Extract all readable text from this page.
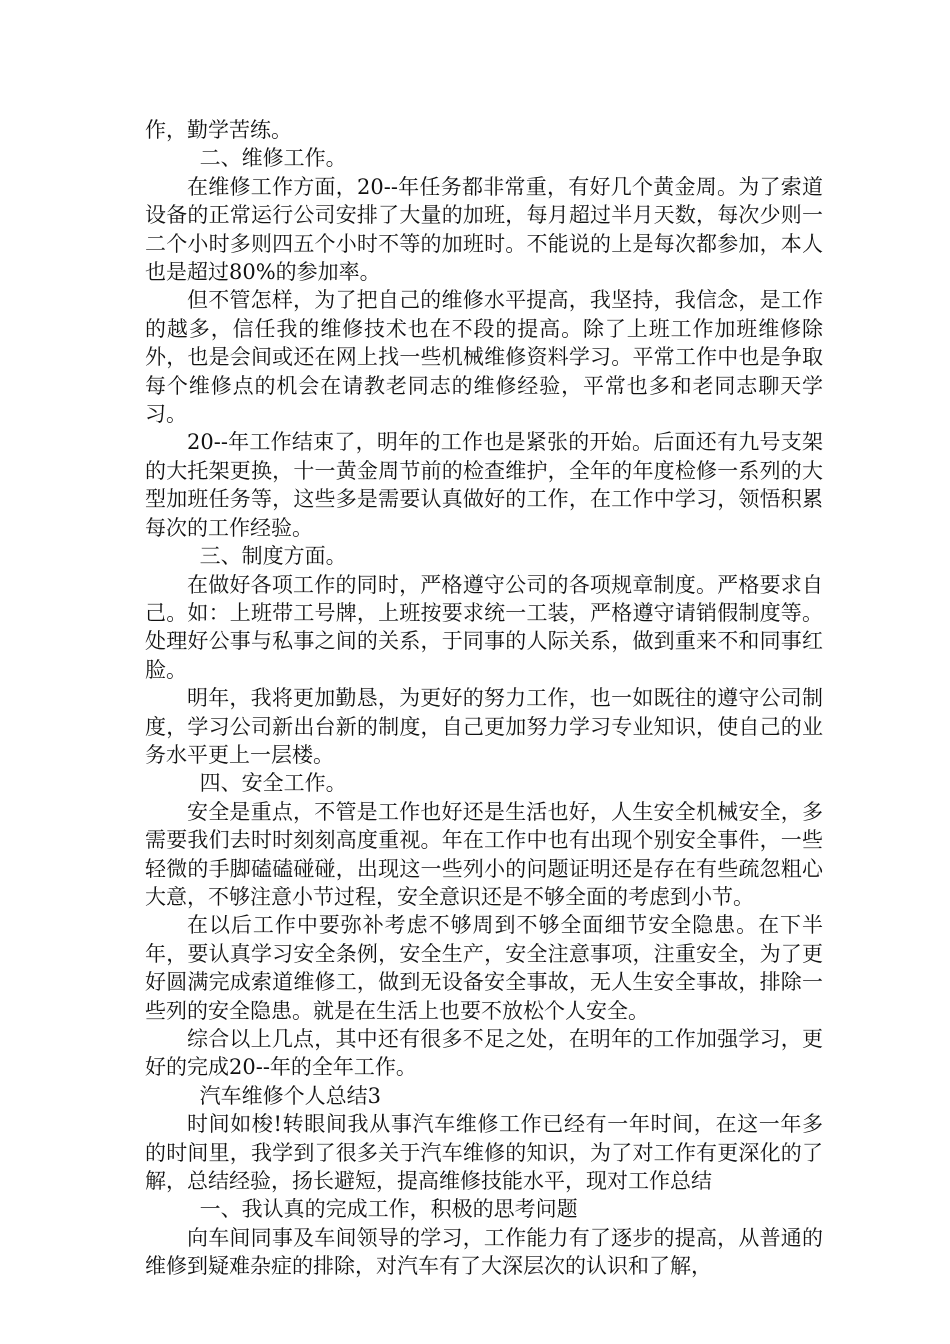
作，勤学苦练。

二、维修工作。

在维修工作方面，20--年任务都非常重，有好几个黄金周。为了索道设备的正常运行公司安排了大量的加班，每月超过半月天数，每次少则一二个小时多则四五个小时不等的加班时。不能说的上是每次都参加，本人也是超过80%的参加率。

但不管怎样，为了把自己的维修水平提高，我坚持，我信念，是工作的越多，信任我的维修技术也在不段的提高。除了上班工作加班维修除外，也是会间或还在网上找一些机械维修资料学习。平常工作中也是争取每个维修点的机会在请教老同志的维修经验，平常也多和老同志聊天学习。

20--年工作结束了，明年的工作也是紧张的开始。后面还有九号支架的大托架更换，十一黄金周节前的检查维护，全年的年度检修一系列的大型加班任务等，这些多是需要认真做好的工作，在工作中学习，领悟积累每次的工作经验。

三、制度方面。

在做好各项工作的同时，严格遵守公司的各项规章制度。严格要求自己。如：上班带工号牌，上班按要求统一工装，严格遵守请销假制度等。处理好公事与私事之间的关系，于同事的人际关系，做到重来不和同事红脸。

明年，我将更加勤恳，为更好的努力工作，也一如既往的遵守公司制度，学习公司新出台新的制度，自己更加努力学习专业知识，使自己的业务水平更上一层楼。

四、安全工作。

安全是重点，不管是工作也好还是生活也好，人生安全机械安全，多需要我们去时时刻刻高度重视。年在工作中也有出现个别安全事件，一些轻微的手脚磕磕碰碰，出现这一些列小的问题证明还是存在有些疏忽粗心大意，不够注意小节过程，安全意识还是不够全面的考虑到小节。

在以后工作中要弥补考虑不够周到不够全面细节安全隐患。在下半年，要认真学习安全条例，安全生产，安全注意事项，注重安全，为了更好圆满完成索道维修工，做到无设备安全事故，无人生安全事故，排除一些列的安全隐患。就是在生活上也要不放松个人安全。

综合以上几点，其中还有很多不足之处，在明年的工作加强学习，更好的完成20--年的全年工作。

汽车维修个人总结3

时间如梭!转眼间我从事汽车维修工作已经有一年时间，在这一年多的时间里，我学到了很多关于汽车维修的知识，为了对工作有更深化的了解，总结经验，扬长避短，提高维修技能水平，现对工作总结

一、我认真的完成工作，积极的思考问题

向车间同事及车间领导的学习，工作能力有了逐步的提高，从普通的维修到疑难杂症的排除，对汽车有了大深层次的认识和了解，
